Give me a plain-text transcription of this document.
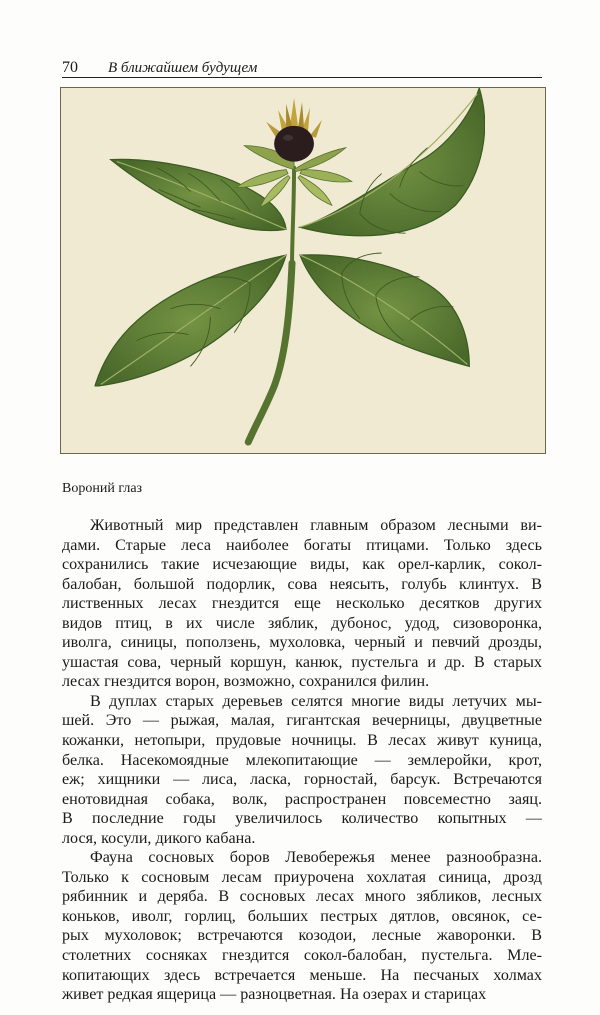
70 В ближайшем будущем
Вороний глаз
Животный мир представлен главным образом лесными ви-
дами. Старые леса наиболее богаты птицами. Только здесь
сохранились такие исчезающие виды, как орел-карлик, сокол-
балобан, большой подорлик, сова неясыть, голубь клинтух. В
лиственных лесах гнездится еще несколько десятков других
видов птиц, в их числе зяблик, дубонос, удод, сизоворонка,
иволга, синицы, поползень, мухоловка, черный и певчий дрозды,
ушастая сова, черный коршун, канюк, пустельга и др. В старых
лесах гнездится ворон, возможно, сохранился филин.
В дуплах старых деревьев селятся многие виды летучих мы-
шей. Это — рыжая, малая, гигантская вечерницы, двуцветные
кожанки, нетопыри, прудовые ночницы. В лесах живут куница,
белка. Насекомоядные млекопитающие — землеройки, крот,
еж; хищники — лиса, ласка, горностай, барсук. Встречаются
енотовидная собака, волк, распространен повсеместно заяц.
В последние годы увеличилось количество копытных —
лося, косули, дикого кабана.
Фауна сосновых боров Левобережья менее разнообразна.
Только к сосновым лесам приурочена хохлатая синица, дрозд
рябинник и деряба. В сосновых лесах много зябликов, лесных
коньков, иволг, горлиц, больших пестрых дятлов, овсянок, се-
рых мухоловок; встречаются козодои, лесные жаворонки. В
столетних сосняках гнездится сокол-балобан, пустельга. Мле-
копитающих здесь встречается меньше. На песчаных холмах
живет редкая ящерица — разноцветная. На озерах и старицах
